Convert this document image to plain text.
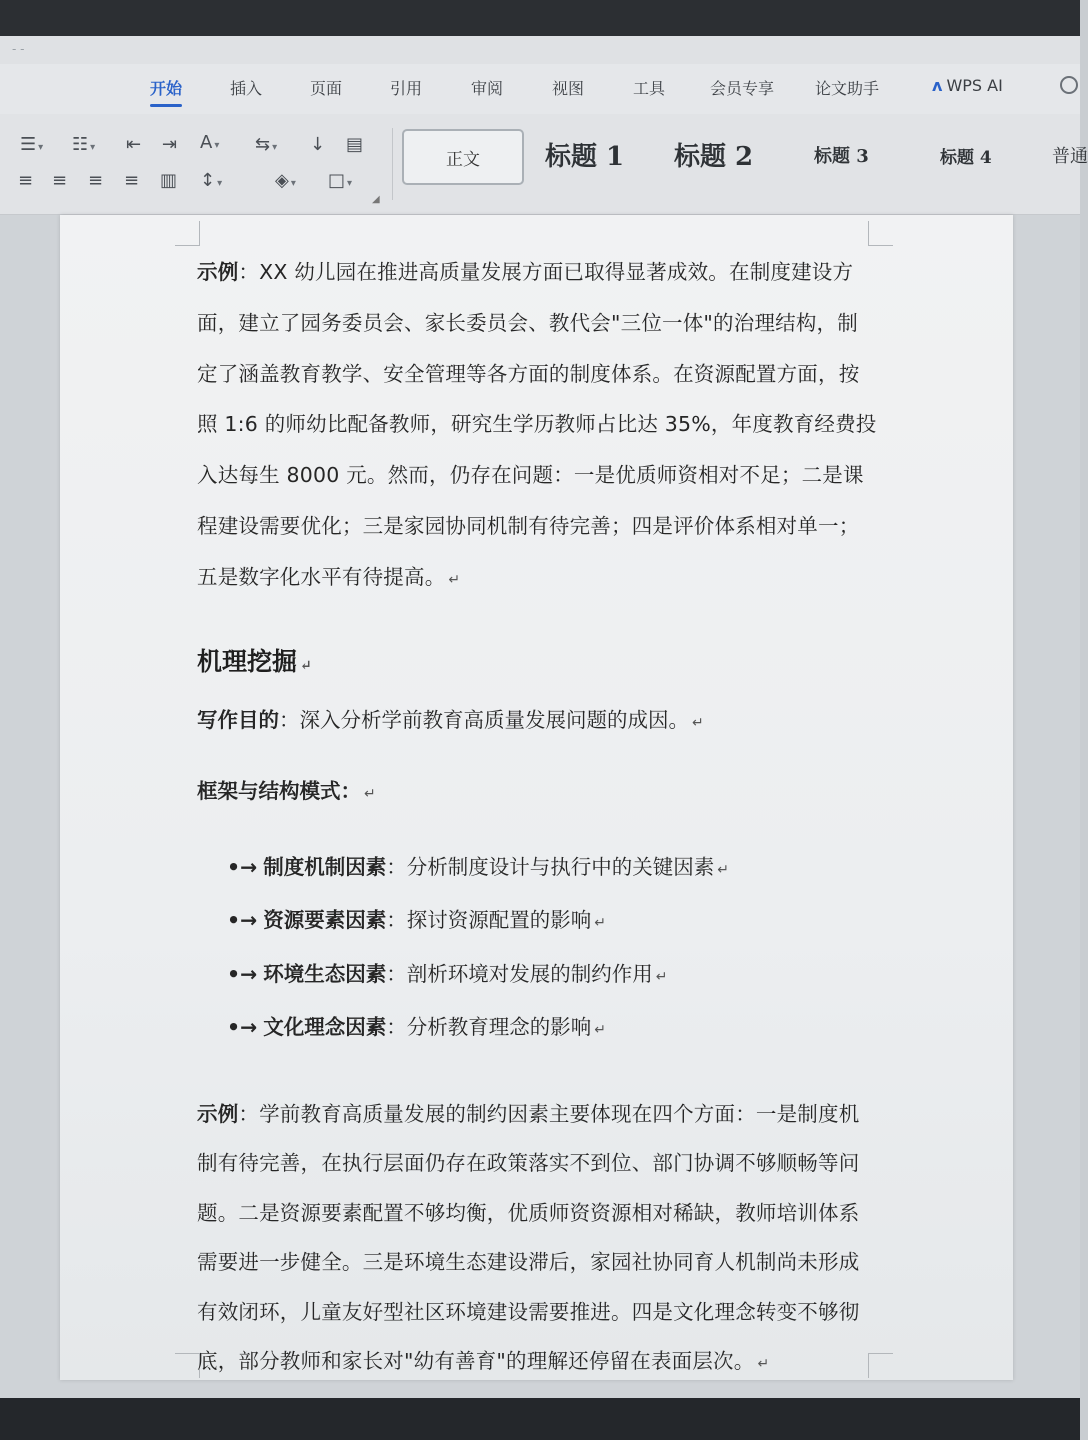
‑ ‑
开始	插入	页面	引用	审阅	视图	工具	会员专享	论文助手	ʌ WPS AI
☰ ▾ ☷ ▾ ⇤ ⇥ A ▾ ⇆ ▾ ↓ ▤
≡ ≡ ≡ ≡ ▥ ↕ ▾	◈ ▾ □ ▾
◢
正文	标题 1 标题 2	标题 3	标题 4	普通

示例：XX 幼儿园在推进高质量发展方面已取得显著成效。在制度建设方面，建立了园务委员会、家长委员会、教代会"三位一体"的治理结构，制定了涵盖教育教学、安全管理等各方面的制度体系。在资源配置方面，按照 1:6 的师幼比配备教师，研究生学历教师占比达 35%，年度教育经费投入达每生 8000 元。然而，仍存在问题：一是优质师资相对不足；二是课程建设需要优化；三是家园协同机制有待完善；四是评价体系相对单一；五是数字化水平有待提高。 ↵

机理挖掘 ↵

写作目的：深入分析学前教育高质量发展问题的成因。 ↵

框架与结构模式： ↵

•→ 制度机制因素：分析制度设计与执行中的关键因素 ↵
•→ 资源要素因素：探讨资源配置的影响 ↵
•→ 环境生态因素：剖析环境对发展的制约作用 ↵
•→ 文化理念因素：分析教育理念的影响 ↵

示例：学前教育高质量发展的制约因素主要体现在四个方面：一是制度机制有待完善，在执行层面仍存在政策落实不到位、部门协调不够顺畅等问题。二是资源要素配置不够均衡，优质师资资源相对稀缺，教师培训体系需要进一步健全。三是环境生态建设滞后，家园社协同育人机制尚未形成有效闭环，儿童友好型社区环境建设需要推进。四是文化理念转变不够彻底，部分教师和家长对"幼有善育"的理解还停留在表面层次。 ↵
